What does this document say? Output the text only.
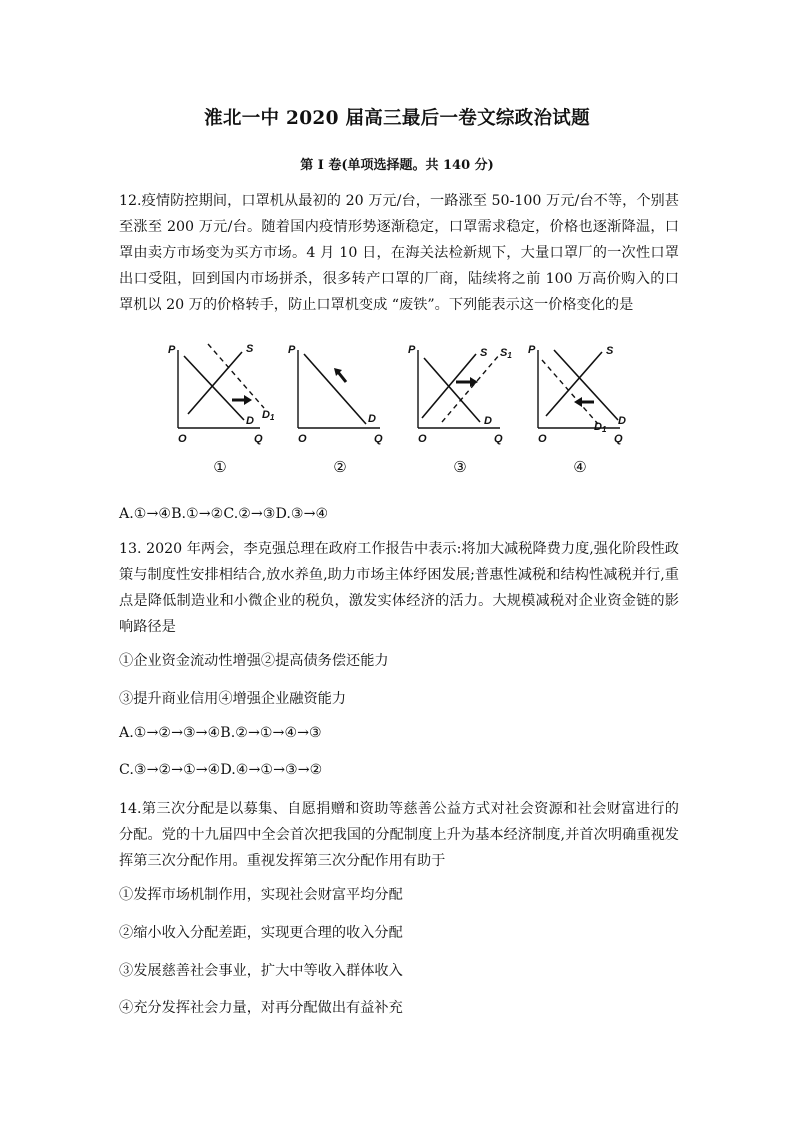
淮北一中 2020 届高三最后一卷文综政治试题
第 Ⅰ 卷(单项选择题。共 140 分)

12.疫情防控期间，口罩机从最初的 20 万元/台，一路涨至 50-100 万元/台不等，个别甚至涨至 200 万元/台。随着国内疫情形势逐渐稳定，口罩需求稳定，价格也逐渐降温，口罩由卖方市场变为买方市场。4 月 10 日，在海关法检新规下，大量口罩厂的一次性口罩出口受阻，回到国内市场拼杀，很多转产口罩的厂商，陆续将之前 100 万高价购入的口罩机以 20 万的价格转手，防止口罩机变成 “废铁”。下列能表示这一价格变化的是

P
Q
O
S
D D1
①
P
Q
O
D
②
P
Q
O
S S1
D
③
P
Q
O
S
D
D1
④

A.①→④B.①→②C.②→③D.③→④

13. 2020 年两会，李克强总理在政府工作报告中表示:将加大减税降费力度,强化阶段性政策与制度性安排相结合,放水养鱼,助力市场主体纾困发展;普惠性减税和结构性减税并行,重点是降低制造业和小微企业的税负，激发实体经济的活力。大规模减税对企业资金链的影响路径是

①企业资金流动性增强②提高债务偿还能力

③提升商业信用④增强企业融资能力

A.①→②→③→④B.②→①→④→③

C.③→②→①→④D.④→①→③→②

14.第三次分配是以募集、自愿捐赠和资助等慈善公益方式对社会资源和社会财富进行的分配。党的十九届四中全会首次把我国的分配制度上升为基本经济制度,并首次明确重视发挥第三次分配作用。重视发挥第三次分配作用有助于

①发挥市场机制作用，实现社会财富平均分配

②缩小收入分配差距，实现更合理的收入分配

③发展慈善社会事业，扩大中等收入群体收入

④充分发挥社会力量，对再分配做出有益补充
